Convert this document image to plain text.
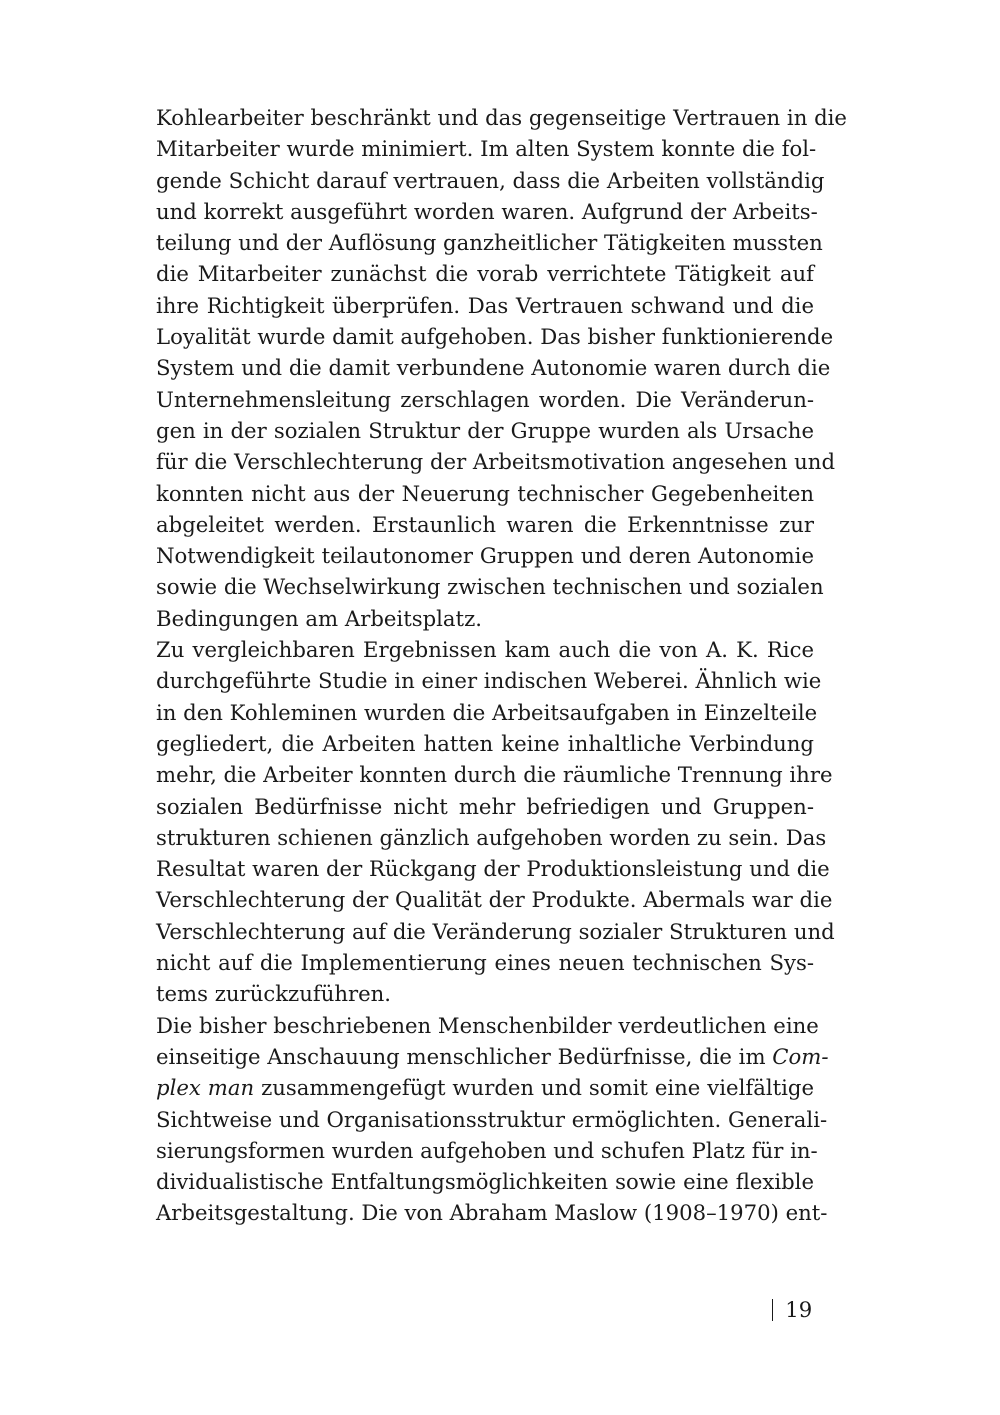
Kohlearbeiter beschränkt und das gegenseitige Vertrauen in die
Mitarbeiter wurde minimiert. Im alten System konnte die fol-
gende Schicht darauf vertrauen, dass die Arbeiten vollständig
und korrekt ausgeführt worden waren. Aufgrund der Arbeits-
teilung und der Auflösung ganzheitlicher Tätigkeiten mussten
die Mitarbeiter zunächst die vorab verrichtete Tätigkeit auf
ihre Richtigkeit überprüfen. Das Vertrauen schwand und die
Loyalität wurde damit aufgehoben. Das bisher funktionierende
System und die damit verbundene Autonomie waren durch die
Unternehmensleitung zerschlagen worden. Die Veränderun-
gen in der sozialen Struktur der Gruppe wurden als Ursache
für die Verschlechterung der Arbeitsmotivation angesehen und
konnten nicht aus der Neuerung technischer Gegebenheiten
abgeleitet werden. Erstaunlich waren die Erkenntnisse zur
Notwendigkeit teilautonomer Gruppen und deren Autonomie
sowie die Wechselwirkung zwischen technischen und sozialen
Bedingungen am Arbeitsplatz.
Zu vergleichbaren Ergebnissen kam auch die von A. K. Rice
durchgeführte Studie in einer indischen Weberei. Ähnlich wie
in den Kohleminen wurden die Arbeitsaufgaben in Einzelteile
gegliedert, die Arbeiten hatten keine inhaltliche Verbindung
mehr, die Arbeiter konnten durch die räumliche Trennung ihre
sozialen Bedürfnisse nicht mehr befriedigen und Gruppen-
strukturen schienen gänzlich aufgehoben worden zu sein. Das
Resultat waren der Rückgang der Produktionsleistung und die
Verschlechterung der Qualität der Produkte. Abermals war die
Verschlechterung auf die Veränderung sozialer Strukturen und
nicht auf die Implementierung eines neuen technischen Sys-
tems zurückzuführen.
Die bisher beschriebenen Menschenbilder verdeutlichen eine
einseitige Anschauung menschlicher Bedürfnisse, die im Com-
plex man zusammengefügt wurden und somit eine vielfältige
Sichtweise und Organisationsstruktur ermöglichten. Generali-
sierungsformen wurden aufgehoben und schufen Platz für in-
dividualistische Entfaltungsmöglichkeiten sowie eine flexible
Arbeitsgestaltung. Die von Abraham Maslow (1908–1970) ent-
19
